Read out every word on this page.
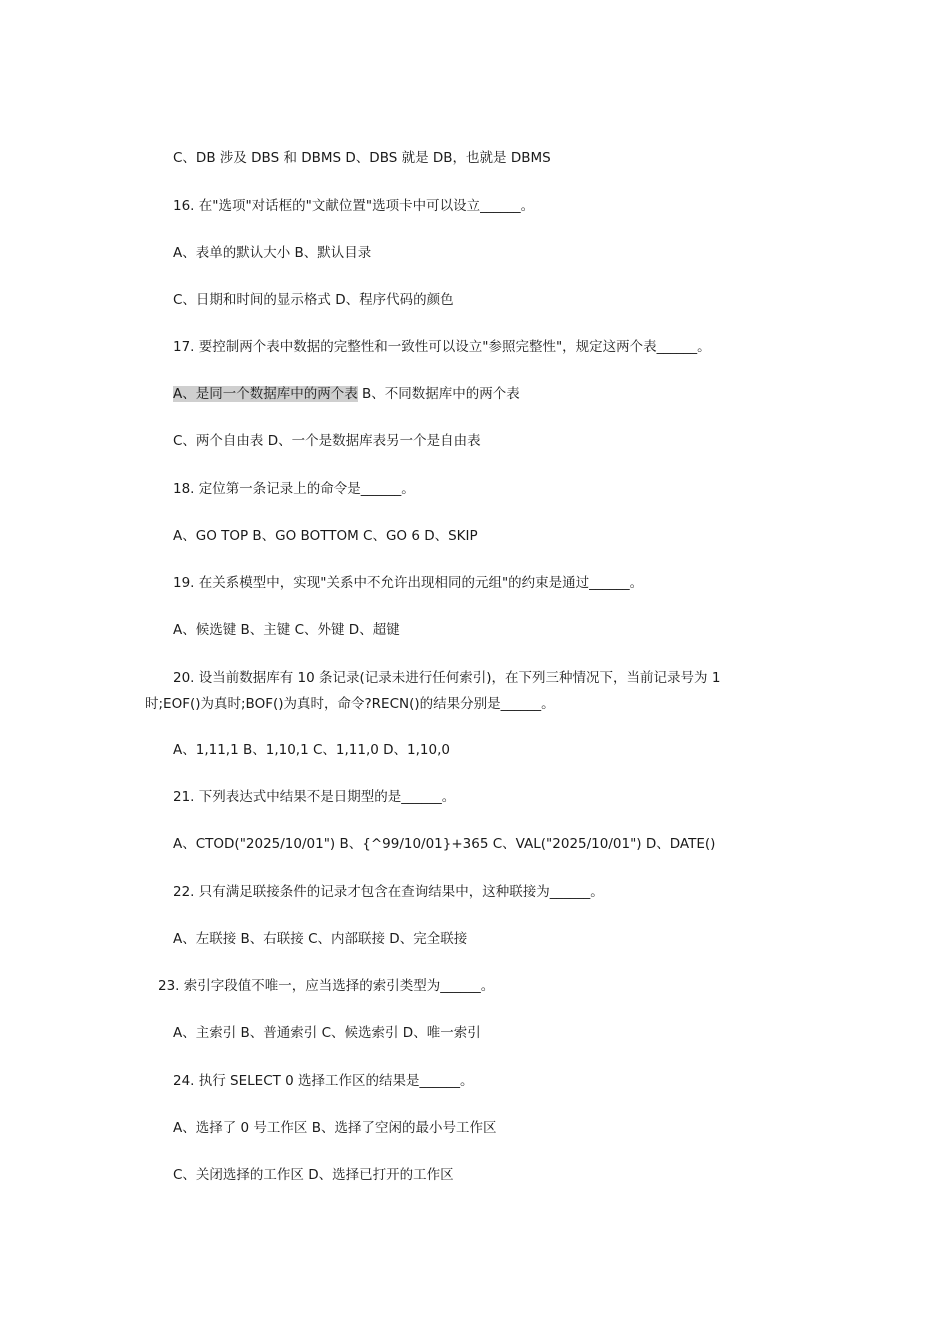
C、DB 涉及 DBS 和 DBMS D、DBS 就是 DB，也就是 DBMS
16. 在"选项"对话框的"文献位置"选项卡中可以设立______。
A、表单的默认大小 B、默认目录
C、日期和时间的显示格式 D、程序代码的颜色
17. 要控制两个表中数据的完整性和一致性可以设立"参照完整性"，规定这两个表______。
A、是同一个数据库中的两个表 B、不同数据库中的两个表
C、两个自由表 D、一个是数据库表另一个是自由表
18. 定位第一条记录上的命令是______。
A、GO TOP B、GO BOTTOM C、GO 6 D、SKIP
19. 在关系模型中，实现"关系中不允许出现相同的元组"的约束是通过______。
A、候选键 B、主键 C、外键 D、超键
20. 设当前数据库有 10 条记录(记录未进行任何索引)，在下列三种情况下，当前记录号为 1 时;EOF()为真时;BOF()为真时，命令?RECN()的结果分别是______。
A、1,11,1 B、1,10,1 C、1,11,0 D、1,10,0
21. 下列表达式中结果不是日期型的是______。
A、CTOD("2025/10/01") B、{^99/10/01}+365 C、VAL("2025/10/01") D、DATE()
22. 只有满足联接条件的记录才包含在查询结果中，这种联接为______。
A、左联接 B、右联接 C、内部联接 D、完全联接
23. 索引字段值不唯一，应当选择的索引类型为______。
A、主索引 B、普通索引 C、候选索引 D、唯一索引
24. 执行 SELECT 0 选择工作区的结果是______。
A、选择了 0 号工作区 B、选择了空闲的最小号工作区
C、关闭选择的工作区 D、选择已打开的工作区
